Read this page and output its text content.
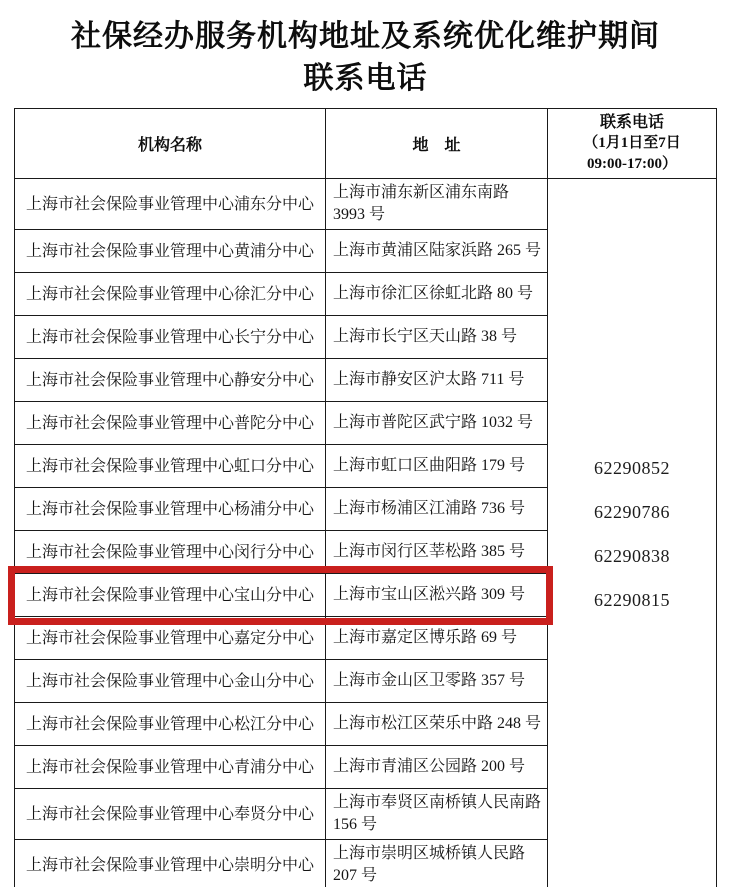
社保经办服务机构地址及系统优化维护期间
联系电话
机构名称	地　址	联系电话
（1月1日至7日
09:00-17:00）

上海市社会保险事业管理中心浦东分中心	上海市浦东新区浦东南路 3993 号	62290852
62290786
62290838
62290815

上海市社会保险事业管理中心黄浦分中心	上海市黄浦区陆家浜路 265 号	
上海市社会保险事业管理中心徐汇分中心	上海市徐汇区徐虹北路 80 号	
上海市社会保险事业管理中心长宁分中心	上海市长宁区天山路 38 号	
上海市社会保险事业管理中心静安分中心	上海市静安区沪太路 711 号	
上海市社会保险事业管理中心普陀分中心	上海市普陀区武宁路 1032 号	
上海市社会保险事业管理中心虹口分中心	上海市虹口区曲阳路 179 号	
上海市社会保险事业管理中心杨浦分中心	上海市杨浦区江浦路 736 号	
上海市社会保险事业管理中心闵行分中心	上海市闵行区莘松路 385 号	
上海市社会保险事业管理中心宝山分中心	上海市宝山区淞兴路 309 号	
上海市社会保险事业管理中心嘉定分中心	上海市嘉定区博乐路 69 号	
上海市社会保险事业管理中心金山分中心	上海市金山区卫零路 357 号	
上海市社会保险事业管理中心松江分中心	上海市松江区荣乐中路 248 号	
上海市社会保险事业管理中心青浦分中心	上海市青浦区公园路 200 号	
上海市社会保险事业管理中心奉贤分中心	上海市奉贤区南桥镇人民南路 156 号	
上海市社会保险事业管理中心崇明分中心	上海市崇明区城桥镇人民路 207 号	
